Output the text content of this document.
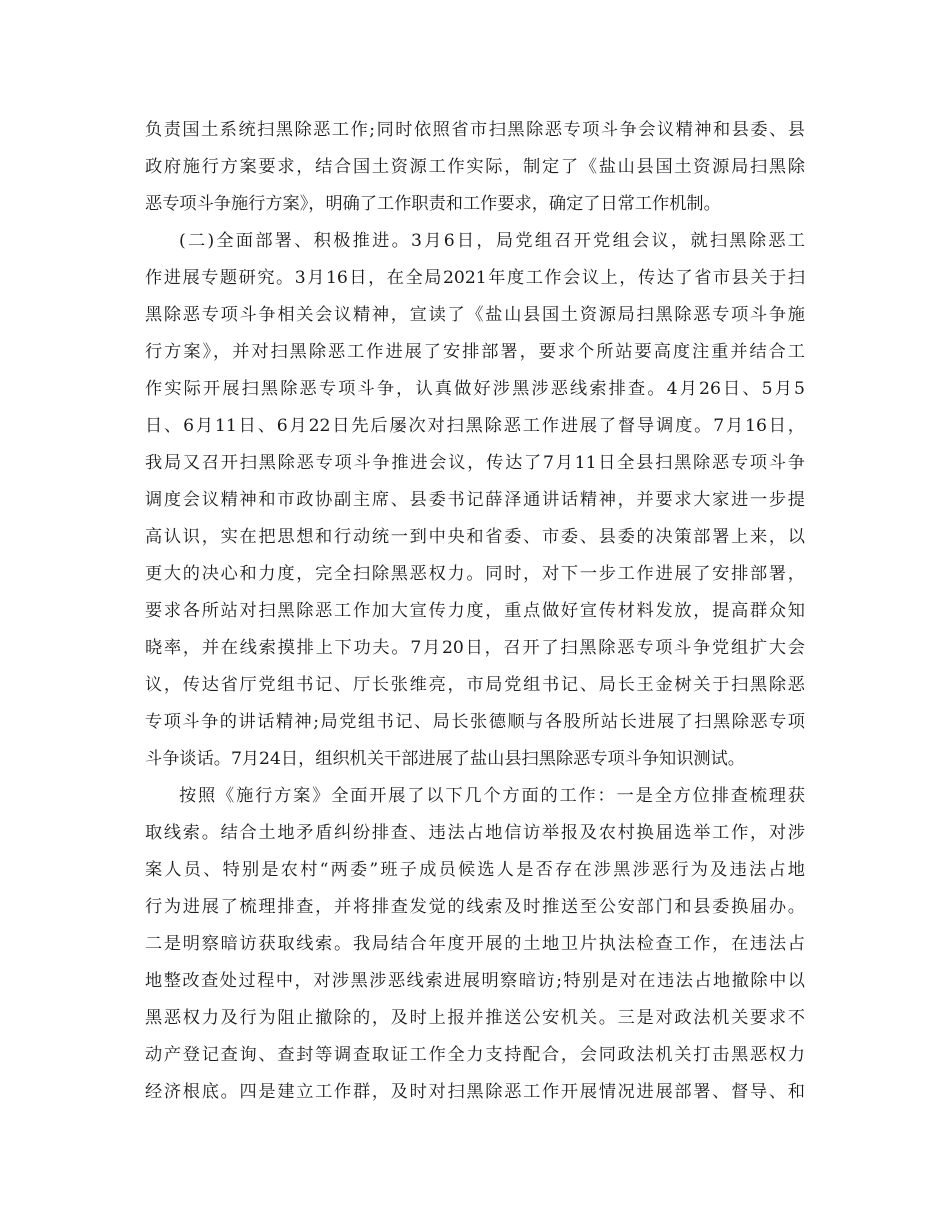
负责国土系统扫黑除恶工作;同时依照省市扫黑除恶专项斗争会议精神和县委、县
政府施行方案要求，结合国土资源工作实际，制定了《盐山县国土资源局扫黑除
恶专项斗争施行方案》，明确了工作职责和工作要求，确定了日常工作机制。
(二)全面部署、积极推进。3月6日，局党组召开党组会议，就扫黑除恶工
作进展专题研究。3月16日，在全局2021年度工作会议上，传达了省市县关于扫
黑除恶专项斗争相关会议精神，宣读了《盐山县国土资源局扫黑除恶专项斗争施
行方案》，并对扫黑除恶工作进展了安排部署，要求个所站要高度注重并结合工
作实际开展扫黑除恶专项斗争，认真做好涉黑涉恶线索排查。4月26日、5月5
日、6月11日、6月22日先后屡次对扫黑除恶工作进展了督导调度。7月16日，
我局又召开扫黑除恶专项斗争推进会议，传达了7月11日全县扫黑除恶专项斗争
调度会议精神和市政协副主席、县委书记薛泽通讲话精神，并要求大家进一步提
高认识，实在把思想和行动统一到中央和省委、市委、县委的决策部署上来，以
更大的决心和力度，完全扫除黑恶权力。同时，对下一步工作进展了安排部署，
要求各所站对扫黑除恶工作加大宣传力度，重点做好宣传材料发放，提高群众知
晓率，并在线索摸排上下功夫。7月20日，召开了扫黑除恶专项斗争党组扩大会
议，传达省厅党组书记、厅长张维亮，市局党组书记、局长王金树关于扫黑除恶
专项斗争的讲话精神;局党组书记、局长张德顺与各股所站长进展了扫黑除恶专项
斗争谈话。7月24日，组织机关干部进展了盐山县扫黑除恶专项斗争知识测试。
按照《施行方案》全面开展了以下几个方面的工作：一是全方位排查梳理获
取线索。结合土地矛盾纠纷排查、违法占地信访举报及农村换届选举工作，对涉
案人员、特别是农村“两委”班子成员候选人是否存在涉黑涉恶行为及违法占地
行为进展了梳理排查，并将排查发觉的线索及时推送至公安部门和县委换届办。
二是明察暗访获取线索。我局结合年度开展的土地卫片执法检查工作，在违法占
地整改查处过程中，对涉黑涉恶线索进展明察暗访;特别是对在违法占地撤除中以
黑恶权力及行为阻止撤除的，及时上报并推送公安机关。三是对政法机关要求不
动产登记查询、查封等调查取证工作全力支持配合，会同政法机关打击黑恶权力
经济根底。四是建立工作群，及时对扫黑除恶工作开展情况进展部署、督导、和
